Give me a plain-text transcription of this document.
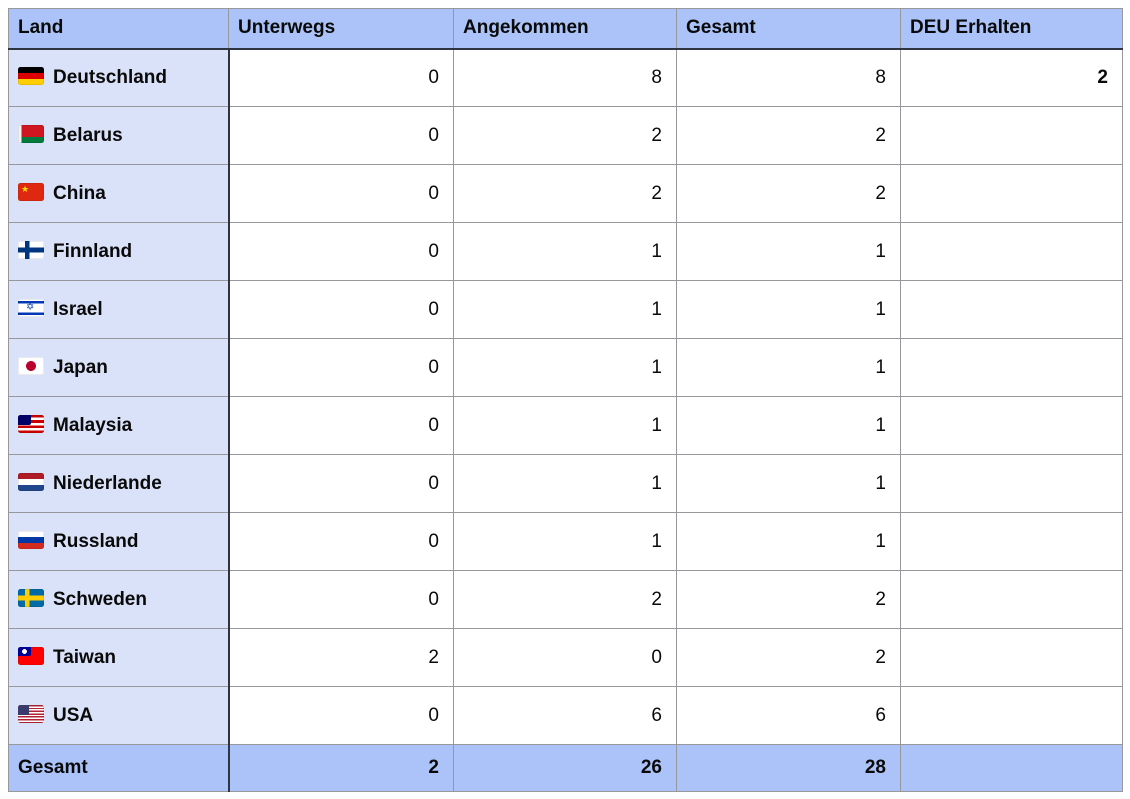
Land	Unterwegs	Angekommen	Gesamt	DEU Erhalten
Deutschland	0	8	8	2
Belarus	0	2	2	
★China	0	2	2	
Finnland	0	1	1	
✡Israel	0	1	1	
Japan	0	1	1	
Malaysia	0	1	1	
Niederlande	0	1	1	
Russland	0	1	1	
Schweden	0	2	2	
Taiwan	2	0	2	
USA	0	6	6	
Gesamt	2	26	28	
